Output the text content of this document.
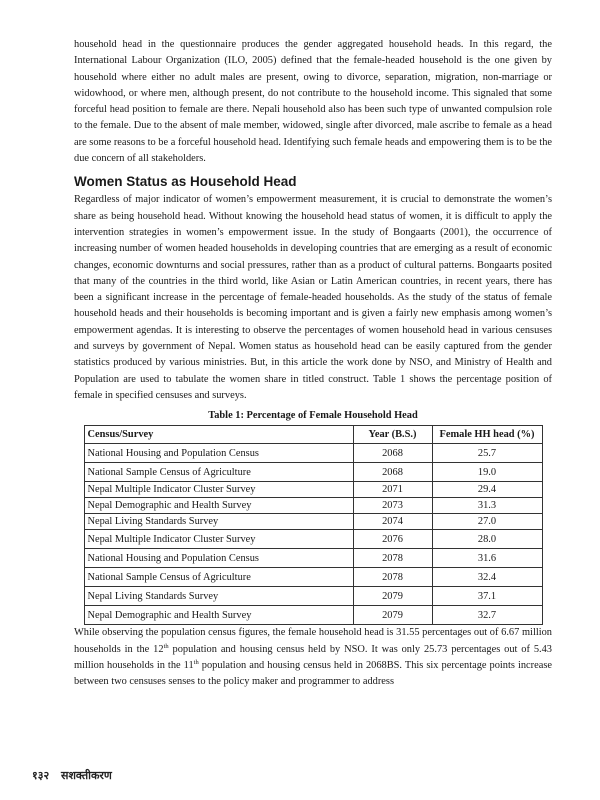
household head in the questionnaire produces the gender aggregated household heads. In this regard, the International Labour Organization (ILO, 2005) defined that the female-headed household is the one given by household where either no adult males are present, owing to divorce, separation, migration, non-marriage or widowhood, or where men, although present, do not contribute to the household income. This signaled that some forceful head position to female are there. Nepali household also has been such type of unwanted compulsion role to the female. Due to the absent of male member, widowed, single after divorced, male ascribe to female as a head are some reasons to be a forceful household head. Identifying such female heads and empowering them is to be the due concern of all stakeholders.

Women Status as Household Head

Regardless of major indicator of women’s empowerment measurement, it is crucial to demonstrate the women’s share as being household head. Without knowing the household head status of women, it is difficult to apply the intervention strategies in women’s empowerment issue. In the study of Bongaarts (2001), the occurrence of increasing number of women headed households in developing countries that are emerging as a result of economic changes, economic downturns and social pressures, rather than as a product of cultural patterns. Bongaarts posited that many of the countries in the third world, like Asian or Latin American countries, in recent years, there has been a significant increase in the percentage of female-headed households. As the study of the status of female household heads and their households is becoming important and is given a fairly new emphasis among women’s empowerment agendas. It is interesting to observe the percentages of women household head in various censuses and surveys by government of Nepal. Women status as household head can be easily captured from the gender statistics produced by various ministries. But, in this article the work done by NSO, and Ministry of Health and Population are used to tabulate the women share in titled construct. Table 1 shows the percentage position of female in specified censuses and surveys.

Table 1: Percentage of Female Household Head
Census/Survey	Year (B.S.)	Female HH head (%)
National Housing and Population Census	2068	25.7
National Sample Census of Agriculture	2068	19.0
Nepal Multiple Indicator Cluster Survey	2071	29.4
Nepal Demographic and Health Survey	2073	31.3
Nepal Living Standards Survey	2074	27.0
Nepal Multiple Indicator Cluster Survey	2076	28.0
National Housing and Population Census	2078	31.6
National Sample Census of Agriculture	2078	32.4
Nepal Living Standards Survey	2079	37.1
Nepal Demographic and Health Survey	2079	32.7

While observing the population census figures, the female household head is 31.55 percentages out of 6.67 million households in the 12th population and housing census held by NSO. It was only 25.73 percentages out of 5.43 million households in the 11th population and housing census held in 2068BS. This six percentage points increase between two censuses senses to the policy maker and programmer to address

१३२ सशक्तीकरण
